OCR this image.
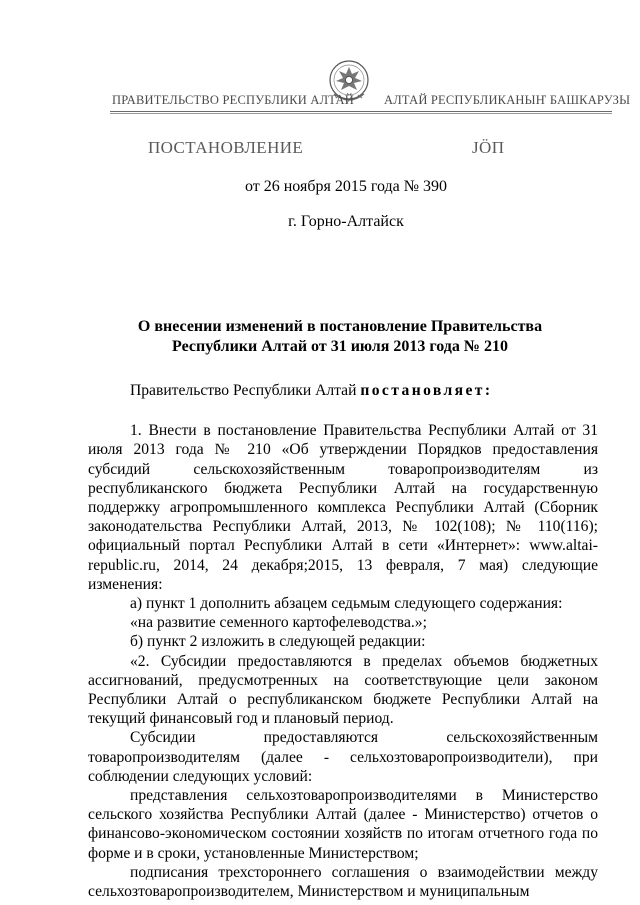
ПРАВИТЕЛЬСТВО РЕСПУБЛИКИ АЛТАЙ АЛТАЙ РЕСПУБЛИКАНЫҤ БАШКАРУЗЫ
ПОСТАНОВЛЕНИЕ	ЈӦП
от 26 ноября 2015 года № 390
г. Горно-Алтайск
О внесении изменений в постановление Правительства Республики Алтай от 31 июля 2013 года № 210

Правительство Республики Алтай постановляет:

1. Внести в постановление Правительства Республики Алтай от 31 июля 2013 года № 210 «Об утверждении Порядков предоставления субсидий сельскохозяйственным товаропроизводителям из республиканского бюджета Республики Алтай на государственную поддержку агропромышленного комплекса Республики Алтай (Сборник законодательства Республики Алтай, 2013, № 102(108); № 110(116); официальный портал Республики Алтай в сети «Интернет»: www.altai-republic.ru, 2014, 24 декабря;2015, 13 февраля, 7 мая) следующие изменения:

а) пункт 1 дополнить абзацем седьмым следующего содержания:

«на развитие семенного картофелеводства.»;

б) пункт 2 изложить в следующей редакции:

«2. Субсидии предоставляются в пределах объемов бюджетных ассигнований, предусмотренных на соответствующие цели законом Республики Алтай о республиканском бюджете Республики Алтай на текущий финансовый год и плановый период.

Субсидии предоставляются сельскохозяйственным товаропроизводителям (далее - сельхозтоваропроизводители), при соблюдении следующих условий:

представления сельхозтоваропроизводителями в Министерство сельского хозяйства Республики Алтай (далее - Министерство) отчетов о финансово-экономическом состоянии хозяйств по итогам отчетного года по форме и в сроки, установленные Министерством;

подписания трехстороннего соглашения о взаимодействии между сельхозтоваропроизводителем, Министерством и муниципальным
